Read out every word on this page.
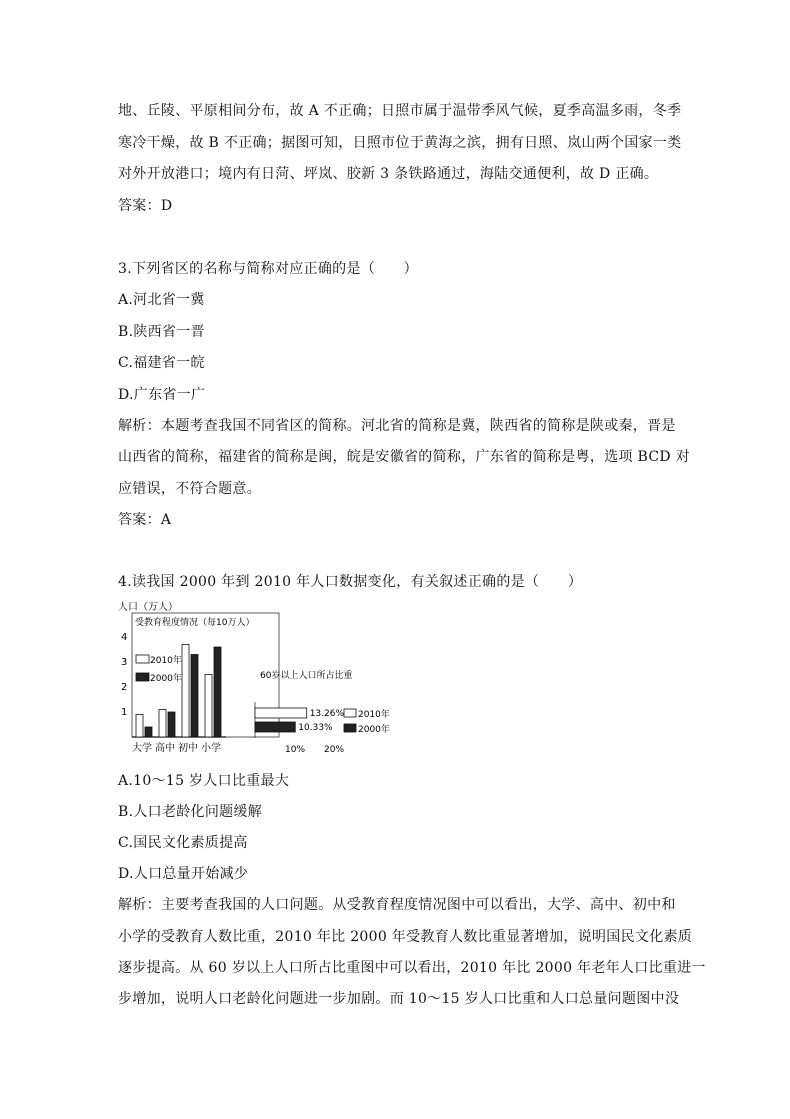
地、丘陵、平原相间分布，故 A 不正确；日照市属于温带季风气候，夏季高温多雨，冬季
寒冷干燥，故 B 不正确；据图可知，日照市位于黄海之滨，拥有日照、岚山两个国家一类
对外开放港口；境内有日菏、坪岚、胶新 3 条铁路通过，海陆交通便利，故 D 正确。
答案：D
3.下列省区的名称与简称对应正确的是（　　）
A.河北省一冀
B.陕西省一晋
C.福建省一皖
D.广东省一广
解析：本题考查我国不同省区的简称。河北省的简称是冀，陕西省的简称是陕或秦，晋是
山西省的简称，福建省的简称是闽，皖是安徽省的简称，广东省的简称是粤，选项 BCD 对
应错误，不符合题意。
答案：A
4.读我国 2000 年到 2010 年人口数据变化，有关叙述正确的是（　　）
人口（万人）
受教育程度情况（每10万人）
1
2
3
4
大学 高中 初中 小学
2010年
2000年	60岁以上人口所占比重
13.26%
10.33%
10% 20%
2010年
2000年
A.10～15 岁人口比重最大
B.人口老龄化问题缓解
C.国民文化素质提高
D.人口总量开始减少
解析：主要考查我国的人口问题。从受教育程度情况图中可以看出，大学、高中、初中和
小学的受教育人数比重，2010 年比 2000 年受教育人数比重显著增加，说明国民文化素质
逐步提高。从 60 岁以上人口所占比重图中可以看出，2010 年比 2000 年老年人口比重进一
步增加，说明人口老龄化问题进一步加剧。而 10～15 岁人口比重和人口总量问题图中没
